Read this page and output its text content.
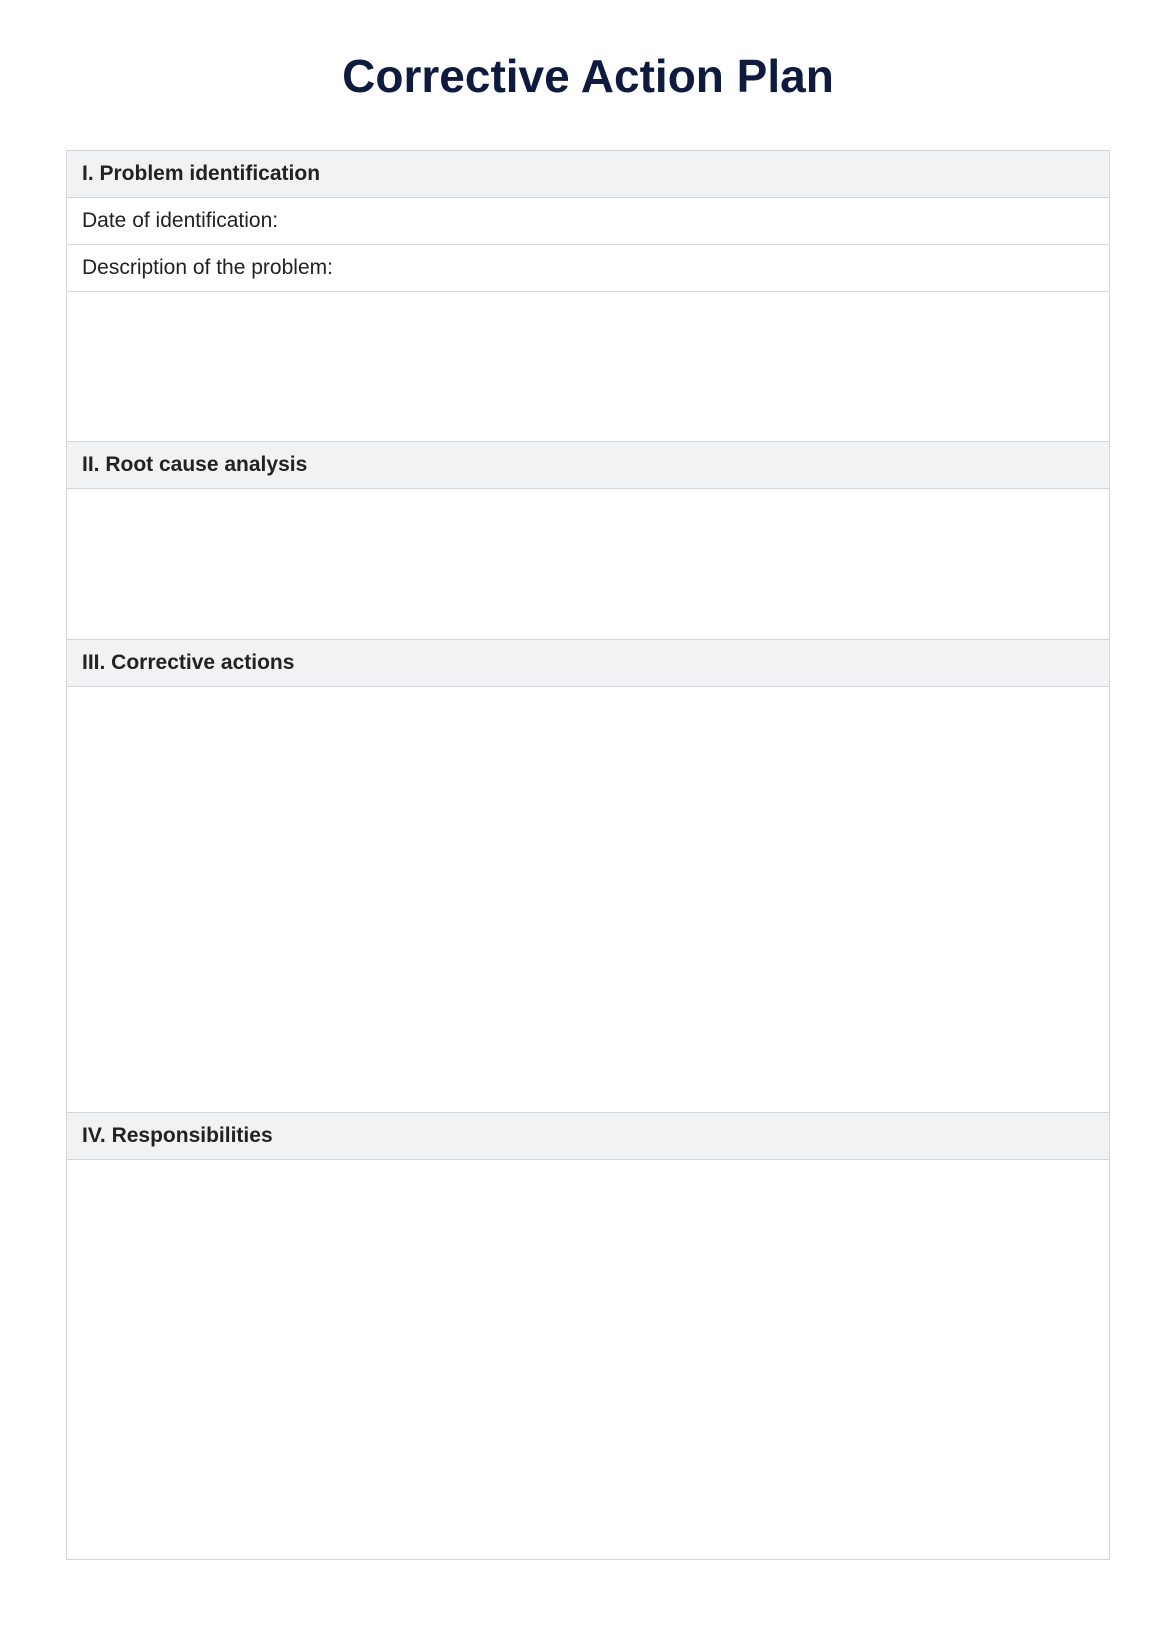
Corrective Action Plan
I. Problem identification
Date of identification:
Description of the problem:
II. Root cause analysis
III. Corrective actions
IV. Responsibilities
